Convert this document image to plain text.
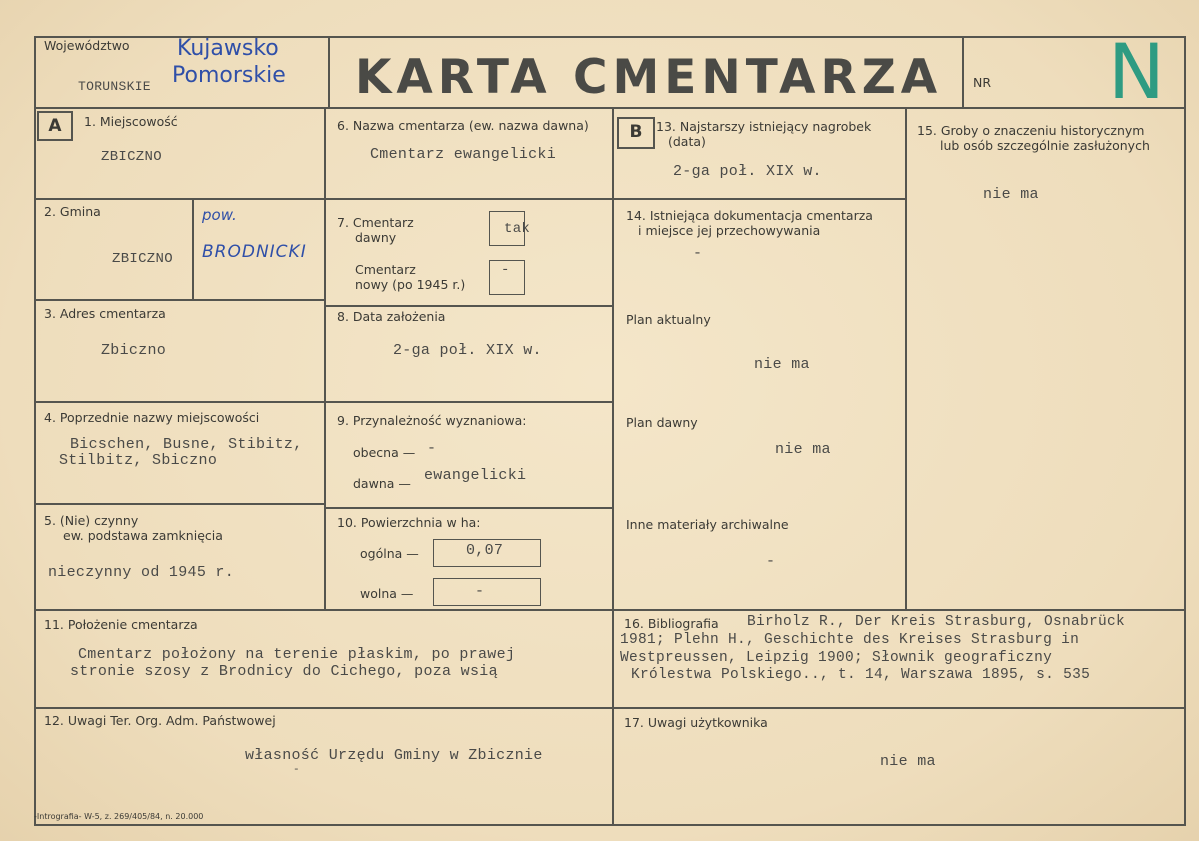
Województwo
TORUNSKIE
Kujawsko
Pomorskie KARTA CMENTARZA NR N
A	B
1. Miejscowość
ZBICZNO
2. Gmina
ZBICZNO
pow.
BRODNICKI
3. Adres cmentarza
Zbiczno
4. Poprzednie nazwy miejscowości
Bicschen, Busne, Stibitz,
Stilbitz, Sbiczno
5. (Nie) czynny
ew. podstawa zamknięcia
nieczynny od 1945 r.
6. Nazwa cmentarza (ew. nazwa dawna)
Cmentarz ewangelicki
7. Cmentarz
dawny
tak
Cmentarz
nowy (po 1945 r.)
-
8. Data założenia
2-ga poł. XIX w.
9. Przynależność wyznaniowa:
obecna — -
dawna — ewangelicki
10. Powierzchnia w ha:
ogólna —	0,07
wolna —	-
13. Najstarszy istniejący nagrobek
(data)
2-ga poł. XIX w.
14. Istniejąca dokumentacja cmentarza
i miejsce jej przechowywania
-
Plan aktualny
nie ma
Plan dawny
nie ma
Inne materiały archiwalne
-
15. Groby o znaczeniu historycznym
lub osób szczególnie zasłużonych
nie ma
11. Położenie cmentarza
Cmentarz położony na terenie płaskim, po prawej
stronie szosy z Brodnicy do Cichego, poza wsią
16. Bibliografia Birholz R., Der Kreis Strasburg, Osnabrück
1981; Plehn H., Geschichte des Kreises Strasburg in
Westpreussen, Leipzig 1900; Słownik geograficzny
Królestwa Polskiego.., t. 14, Warszawa 1895, s. 535
12. Uwagi Ter. Org. Adm. Państwowej
własność Urzędu Gminy w Zbicznie
-
17. Uwagi użytkownika
nie ma
-Intrografia- W-5, z. 269/405/84, n. 20.000
